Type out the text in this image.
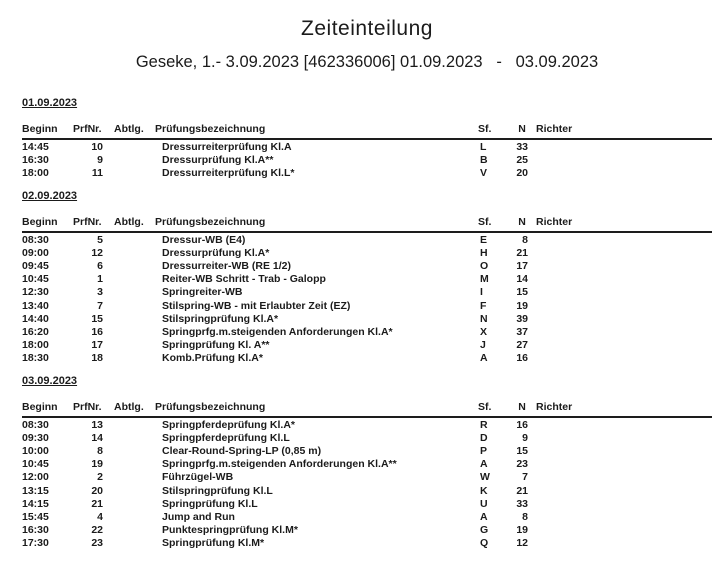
Zeiteinteilung
Geseke, 1.- 3.09.2023 [462336006] 01.09.2023   -   03.09.2023
01.09.2023
Beginn	PrfNr.	Abtlg.	Prüfungsbezeichnung	Sf.	N Richter
14:45	10	Dressurreiterprüfung Kl.A	L	33
16:30	9	Dressurprüfung Kl.A**	B	25
18:00	11	Dressurreiterprüfung Kl.L*	V	20
02.09.2023
Beginn	PrfNr.	Abtlg.	Prüfungsbezeichnung	Sf.	N Richter
08:30	5	Dressur-WB (E4)	E	8
09:00	12	Dressurprüfung Kl.A*	H	21
09:45	6	Dressurreiter-WB (RE 1/2)	O	17
10:45	1	Reiter-WB Schritt - Trab - Galopp	M	14
12:30	3	Springreiter-WB	I	15
13:40	7	Stilspring-WB - mit Erlaubter Zeit (EZ)	F	19
14:40	15	Stilspringprüfung Kl.A*	N	39
16:20	16	Springprfg.m.steigenden Anforderungen Kl.A*	X	37
18:00	17	Springprüfung Kl. A**	J	27
18:30	18	Komb.Prüfung Kl.A*	A	16
03.09.2023
Beginn	PrfNr.	Abtlg.	Prüfungsbezeichnung	Sf.	N Richter
08:30	13	Springpferdeprüfung Kl.A*	R	16
09:30	14	Springpferdeprüfung Kl.L	D	9
10:00	8	Clear-Round-Spring-LP (0,85 m)	P	15
10:45	19	Springprfg.m.steigenden Anforderungen Kl.A**	A	23
12:00	2	Führzügel-WB	W	7
13:15	20	Stilspringprüfung Kl.L	K	21
14:15	21	Springprüfung Kl.L	U	33
15:45	4	Jump and Run	A	8
16:30	22	Punktespringprüfung Kl.M*	G	19
17:30	23	Springprüfung Kl.M*	Q	12
